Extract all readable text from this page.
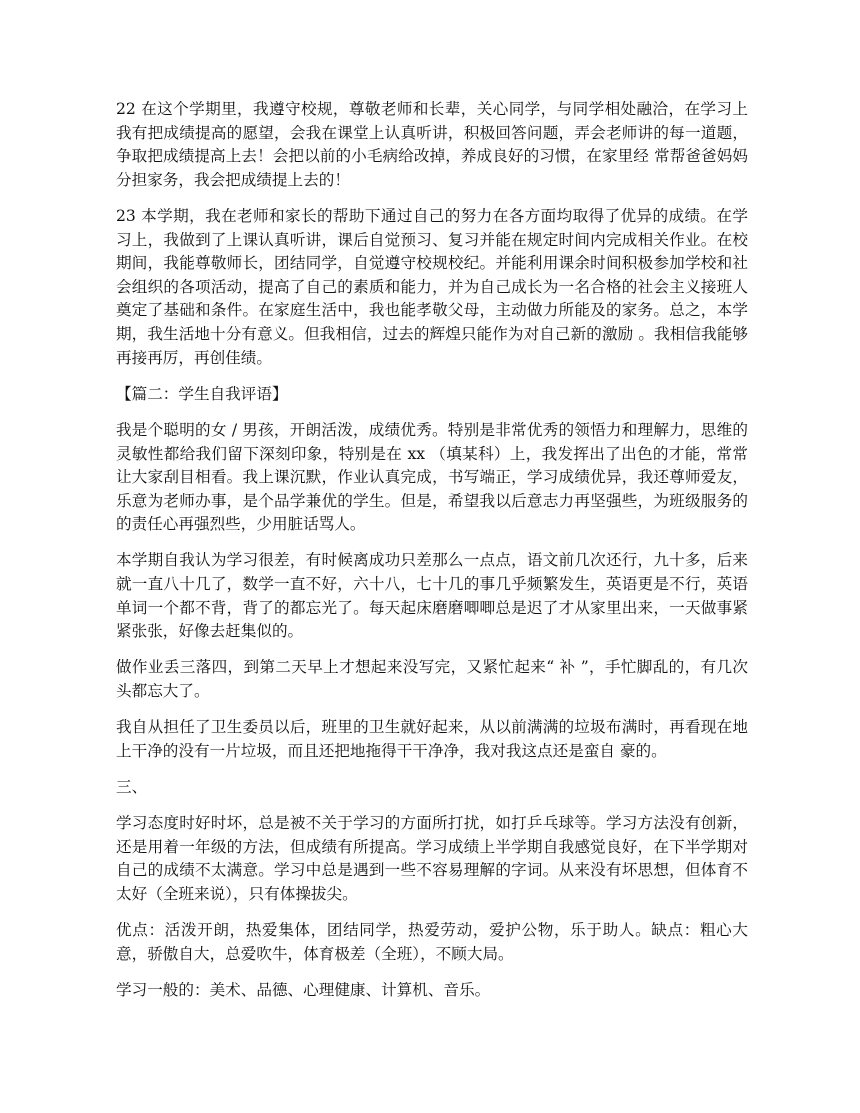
22 在这个学期里，我遵守校规，尊敬老师和长辈，关心同学，与同学相处融洽，在学习上我有把成绩提高的愿望，会我在课堂上认真听讲，积极回答问题，弄会老师讲的每一道题，争取把成绩提高上去！会把以前的小毛病给改掉，养成良好的习惯，在家里经 常帮爸爸妈妈分担家务，我会把成绩提上去的！

23 本学期，我在老师和家长的帮助下通过自己的努力在各方面均取得了优异的成绩。在学习上，我做到了上课认真听讲，课后自觉预习、复习并能在规定时间内完成相关作业。在校期间，我能尊敬师长，团结同学，自觉遵守校规校纪。并能利用课余时间积极参加学校和社会组织的各项活动，提高了自己的素质和能力，并为自己成长为一名合格的社会主义接班人奠定了基础和条件。在家庭生活中，我也能孝敬父母，主动做力所能及的家务。总之，本学期，我生活地十分有意义。但我相信，过去的辉煌只能作为对自己新的激励 。我相信我能够再接再厉，再创佳绩。

【篇二：学生自我评语】

我是个聪明的女 / 男孩，开朗活泼，成绩优秀。特别是非常优秀的领悟力和理解力，思维的灵敏性都给我们留下深刻印象，特别是在 xx （填某科）上，我发挥出了出色的才能，常常让大家刮目相看。我上课沉默，作业认真完成，书写端正，学习成绩优异，我还尊师爱友，乐意为老师办事，是个品学兼优的学生。但是，希望我以后意志力再坚强些，为班级服务的的责任心再强烈些，少用脏话骂人。

本学期自我认为学习很差，有时候离成功只差那么一点点，语文前几次还行，九十多，后来就一直八十几了，数学一直不好，六十八，七十几的事几乎频繁发生，英语更是不行，英语单词一个都不背，背了的都忘光了。每天起床磨磨唧唧总是迟了才从家里出来，一天做事紧紧张张，好像去赶集似的。

做作业丢三落四，到第二天早上才想起来没写完，又紧忙起来“ 补 ”，手忙脚乱的，有几次头都忘大了。

我自从担任了卫生委员以后，班里的卫生就好起来，从以前满满的垃圾布满时，再看现在地上干净的没有一片垃圾，而且还把地拖得干干净净，我对我这点还是蛮自 豪的。

三、

学习态度时好时坏，总是被不关于学习的方面所打扰，如打乒乓球等。学习方法没有创新，还是用着一年级的方法，但成绩有所提高。学习成绩上半学期自我感觉良好，在下半学期对自己的成绩不太满意。学习中总是遇到一些不容易理解的字词。从来没有坏思想，但体育不太好（全班来说），只有体操拔尖。

优点：活泼开朗，热爱集体，团结同学，热爱劳动，爱护公物，乐于助人。缺点：粗心大意，骄傲自大，总爱吹牛，体育极差（全班），不顾大局。

学习一般的：美术、品德、心理健康、计算机、音乐。
